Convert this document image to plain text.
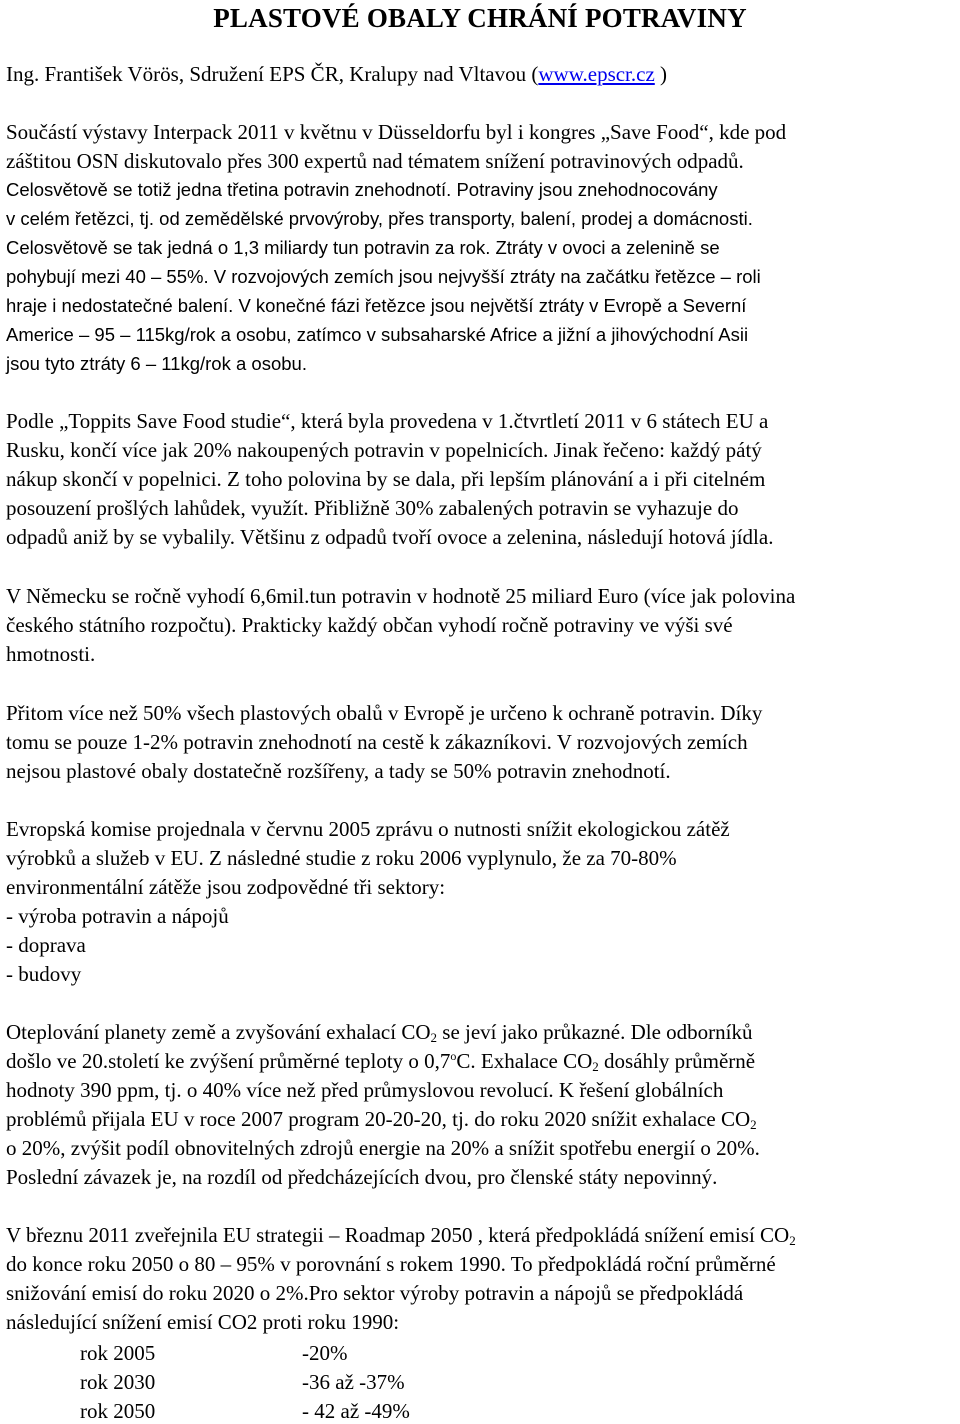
PLASTOVÉ OBALY CHRÁNÍ POTRAVINY
Ing. František Vörös, Sdružení EPS ČR, Kralupy nad Vltavou (www.epscr.cz )
Součástí výstavy Interpack 2011 v květnu v Düsseldorfu byl i kongres „Save Food“, kde pod
záštitou OSN diskutovalo přes 300 expertů nad tématem snížení potravinových odpadů.
Celosvětově se totiž jedna třetina potravin znehodnotí. Potraviny jsou znehodnocovány
v celém řetězci, tj. od zemědělské prvovýroby, přes transporty, balení, prodej a domácnosti.
Celosvětově se tak jedná o 1,3 miliardy tun potravin za rok. Ztráty v ovoci a zelenině se
pohybují mezi 40 – 55%. V rozvojových zemích jsou nejvyšší ztráty na začátku řetězce – roli
hraje i nedostatečné balení. V konečné fázi řetězce jsou největší ztráty v Evropě a Severní
Americe – 95 – 115kg/rok a osobu, zatímco v subsaharské Africe a jižní a jihovýchodní Asii
jsou tyto ztráty 6 – 11kg/rok a osobu.
Podle „Toppits Save Food studie“, která byla provedena v 1.čtvrtletí 2011 v 6 státech EU a
Rusku, končí více jak 20% nakoupených potravin v popelnicích. Jinak řečeno: každý pátý
nákup skončí v popelnici. Z toho polovina by se dala, při lepším plánování a i při citelném
posouzení prošlých lahůdek, využít. Přibližně 30% zabalených potravin se vyhazuje do
odpadů aniž by se vybalily. Většinu z odpadů tvoří ovoce a zelenina, následují hotová jídla.
V Německu se ročně vyhodí 6,6mil.tun potravin v hodnotě 25 miliard Euro (více jak polovina
českého státního rozpočtu). Prakticky každý občan vyhodí ročně potraviny ve výši své
hmotnosti.
Přitom více než 50% všech plastových obalů v Evropě je určeno k ochraně potravin. Díky
tomu se pouze 1-2% potravin znehodnotí na cestě k zákazníkovi. V rozvojových zemích
nejsou plastové obaly dostatečně rozšířeny, a tady se 50% potravin znehodnotí.
Evropská komise projednala v červnu 2005 zprávu o nutnosti snížit ekologickou zátěž
výrobků a služeb v EU. Z následné studie z roku 2006 vyplynulo, že za 70-80%
environmentální zátěže jsou zodpovědné tři sektory:
- výroba potravin a nápojů
- doprava
- budovy
Oteplování planety země a zvyšování exhalací $CO_2$ se jeví jako průkazné. Dle odborníků
došlo ve 20.století ke zvýšení průměrné teploty o 0,7$^o$C. Exhalace $CO_2$ dosáhly průměrně
hodnoty 390 ppm, tj. o 40% více než před průmyslovou revolucí. K řešení globálních
problémů přijala EU v roce 2007 program 20-20-20, tj. do roku 2020 snížit exhalace $CO_2$
o 20%, zvýšit podíl obnovitelných zdrojů energie na 20% a snížit spotřebu energií o 20%.
Poslední závazek je, na rozdíl od předcházejících dvou, pro členské státy nepovinný.
V březnu 2011 zveřejnila EU strategii – Roadmap 2050 , která předpokládá snížení emisí $CO_2$
do konce roku 2050 o 80 – 95% v porovnání s rokem 1990. To předpokládá roční průměrné
snižování emisí do roku 2020 o 2%.Pro sektor výroby potravin a nápojů se předpokládá
následující snížení emisí CO2 proti roku 1990:
rok 2005	-20%
rok 2030	-36 až -37%
rok 2050	- 42 až -49%
